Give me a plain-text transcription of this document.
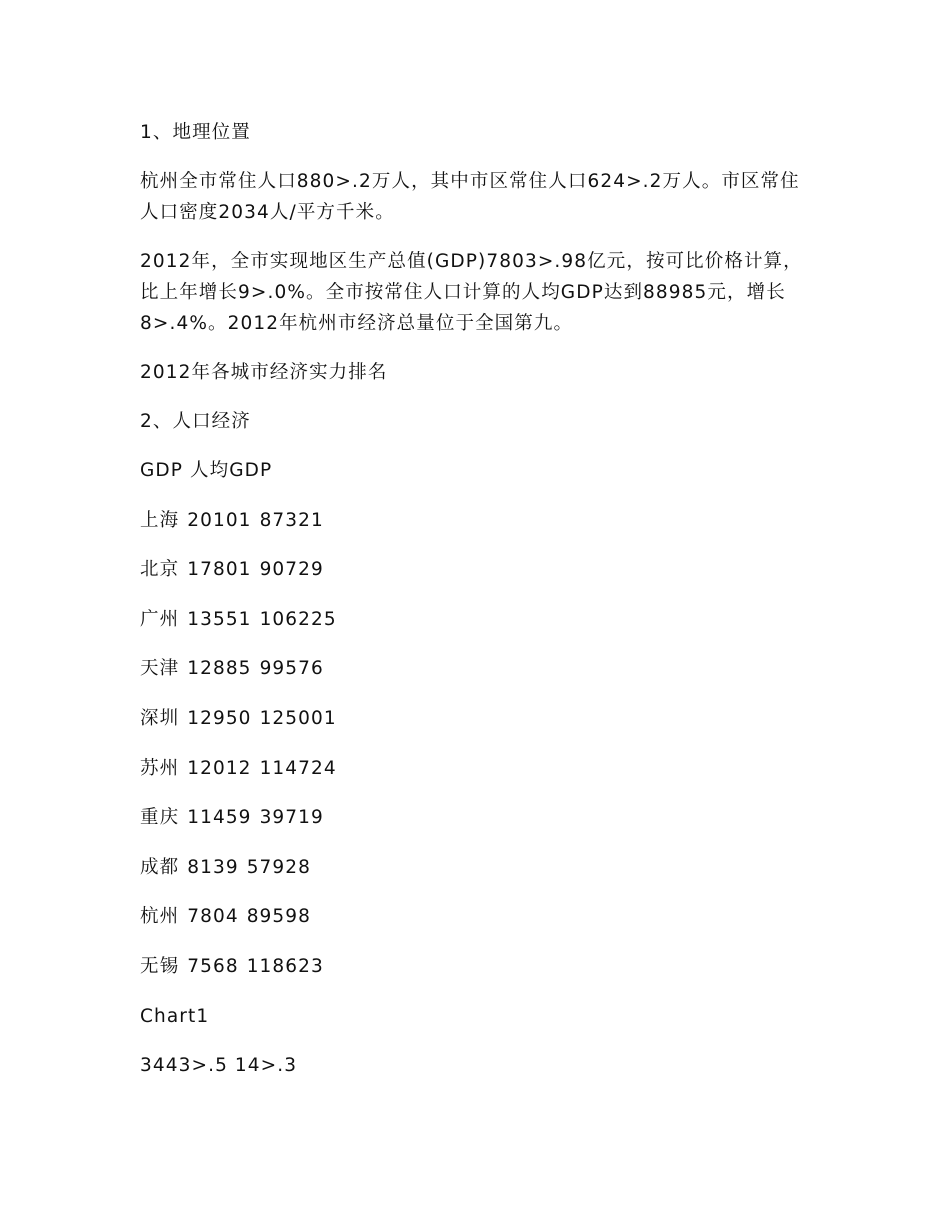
1、地理位置

杭州全市常住人口880>.2万人，其中市区常住人口624>.2万人。市区常住人口密度2034人/平方千米。

2012年，全市实现地区生产总值(GDP)7803>.98亿元，按可比价格计算，比上年增长9>.0%。全市按常住人口计算的人均GDP达到88985元，增长8>.4%。2012年杭州市经济总量位于全国第九。

2012年各城市经济实力排名

2、人口经济

GDP 人均GDP

上海 20101 87321

北京 17801 90729

广州 13551 106225

天津 12885 99576

深圳 12950 125001

苏州 12012 114724

重庆 11459 39719

成都 8139 57928

杭州 7804 89598

无锡 7568 118623

Chart1

3443>.5 14>.3
